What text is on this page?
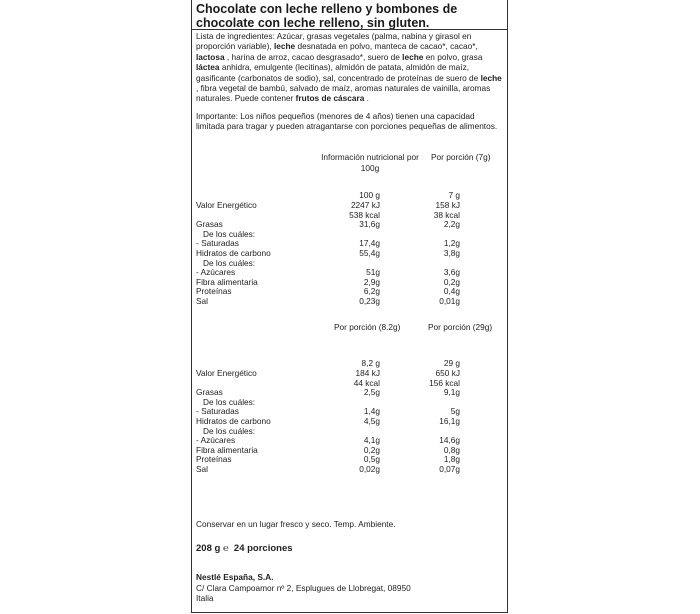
Chocolate con leche relleno y bombones de chocolate con leche relleno, sin gluten.
Lista de ingredientes: Azúcar, grasas vegetales (palma, nabina y girasol en proporción variable), leche desnatada en polvo, manteca de cacao*, cacao*, lactosa , harina de arroz, cacao desgrasado*, suero de leche en polvo, grasa láctea anhidra, emulgente (lecitinas), almidón de patata, almidón de maíz, gasificante (carbonatos de sodio), sal, concentrado de proteínas de suero de leche , fibra vegetal de bambú, salvado de maíz, aromas naturales de vainilla, aromas naturales. Puede contener frutos de cáscara .
Importante: Los niños pequeños (menores de 4 años) tienen una capacidad limitada para tragar y pueden atragantarse con porciones pequeñas de alimentos.
Información nutricional por 100g
Por porción (7g)
100 g	7 g
Valor Energético	2247 kJ	158 kJ
538 kcal	38 kcal
Grasas	31,6g	2,2g
De los cuáles:
- Saturadas	17,4g	1,2g
Hidratos de carbono	55,4g	3,8g
De los cuáles:
- Azúcares	51g	3,6g
Fibra alimentaria	2,9g	0,2g
Proteínas	6,2g	0,4g
Sal	0,23g	0,01g
Por porción (8.2g)	Por porción (29g)
8,2 g	29 g
Valor Energético	184 kJ	650 kJ
44 kcal	156 kcal
Grasas	2,5g	9,1g
De los cuáles:
- Saturadas	1,4g	5g
Hidratos de carbono	4,5g	16,1g
De los cuáles:
- Azúcares	4,1g	14,6g
Fibra alimentaria	0,2g	0,8g
Proteínas	0,5g	1,8g
Sal	0,02g	0,07g
Conservar en un lugar fresco y seco. Temp. Ambiente.
208 g ℮ 24 porciones
Nestlé España, S.A.
C/ Clara Campoamor nº 2, Esplugues de Llobregat, 08950
Italia
